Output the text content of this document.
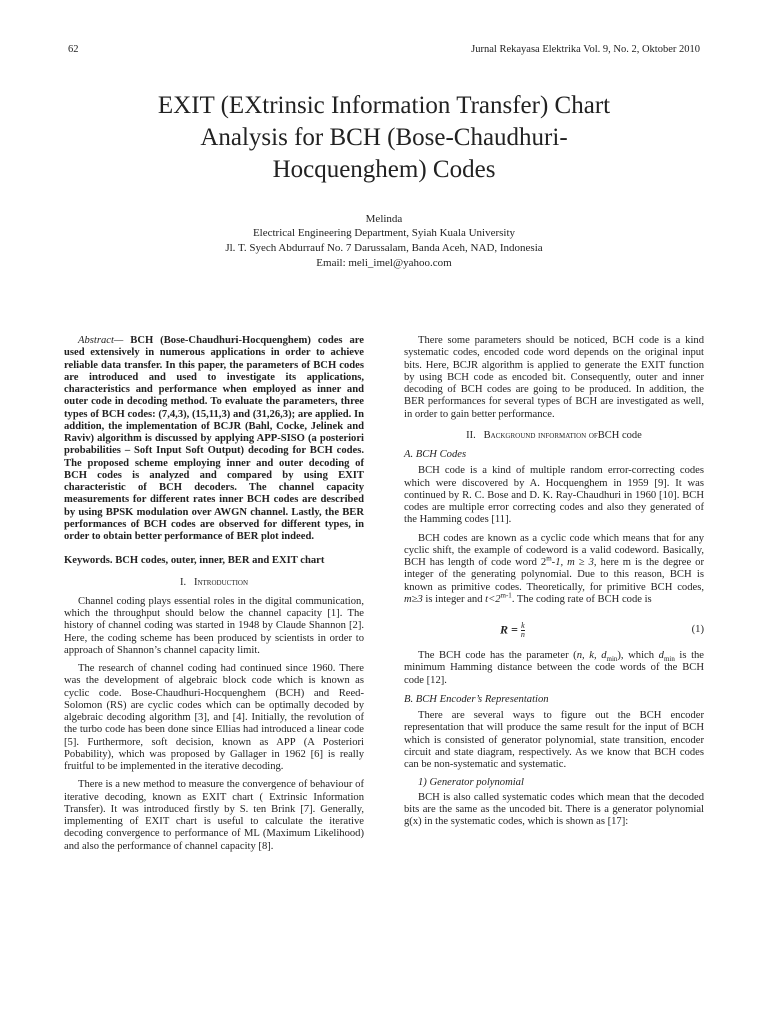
62	Jurnal Rekayasa Elektrika Vol. 9, No. 2, Oktober 2010
EXIT (EXtrinsic Information Transfer) Chart
Analysis for BCH (Bose-Chaudhuri-
Hocquenghem) Codes
Melinda
Electrical Engineering Department, Syiah Kuala University
Jl. T. Syech Abdurrauf No. 7 Darussalam, Banda Aceh, NAD, Indonesia
Email: meli_imel@yahoo.com

Abstract— BCH (Bose-Chaudhuri-Hocquenghem) codes are used extensively in numerous applications in order to achieve reliable data transfer. In this paper, the parameters of BCH codes are introduced and used to investigate its applications, characteristics and performance when employed as inner and outer code in decoding method. To evaluate the parameters, three types of BCH codes: (7,4,3), (15,11,3) and (31,26,3); are applied. In addition, the implementation of BCJR (Bahl, Cocke, Jelinek and Raviv) algorithm is discussed by applying APP-SISO (a posteriori probabilities – Soft Input Soft Output) decoding for BCH codes. The proposed scheme employing inner and outer decoding of BCH codes is analyzed and compared by using EXIT characteristic of BCH decoders. The channel capacity measurements for different rates inner BCH codes are described by using BPSK modulation over AWGN channel. Lastly, the BER performances of BCH codes are observed for different types, in order to obtain better performance of BER plot indeed.

Keywords. BCH codes, outer, inner, BER and EXIT chart

I. Introduction

Channel coding plays essential roles in the digital communication, which the throughput should below the channel capacity [1]. The history of channel coding was started in 1948 by Claude Shannon [2]. Here, the coding scheme has been produced by scientists in order to approach of Shannon’s channel capacity limit.

The research of channel coding had continued since 1960. There was the development of algebraic block code which is known as cyclic code. Bose-Chaudhuri-Hocquenghem (BCH) and Reed-Solomon (RS) are cyclic codes which can be optimally decoded by algebraic decoding algorithm [3], and [4]. Initially, the revolution of the turbo code has been done since Ellias had introduced a linear code [5]. Furthermore, soft decision, known as APP (A Posteriori Pobability), which was proposed by Gallager in 1962 [6] is really fruitful to be implemented in the iterative decoding.

There is a new method to measure the convergence of behaviour of iterative decoding, known as EXIT chart ( Extrinsic Information Transfer). It was introduced firstly by S. ten Brink [7]. Generally, implementing of EXIT chart is useful to calculate the iterative decoding convergence to performance of ML (Maximum Likelihood) and also the performance of channel capacity [8].

There some parameters should be noticed, BCH code is a kind systematic codes, encoded code word depends on the original input bits. Here, BCJR algorithm is applied to generate the EXIT function by using BCH code as encoded bit. Consequently, outer and inner decoding of BCH codes are going to be produced. In addition, the BER performances for several types of BCH are investigated as well, in order to gain better performance.

II. Background information ofBCH code
A. BCH Codes

BCH code is a kind of multiple random error-correcting codes which were discovered by A. Hocquenghem in 1959 [9]. It was continued by R. C. Bose and D. K. Ray-Chaudhuri in 1960 [10]. BCH codes are multiple error correcting codes and also they generated of the Hamming codes [11].

BCH codes are known as a cyclic code which means that for any cyclic shift, the example of codeword is a valid codeword. Basically, BCH has length of code word 2$^m$-1, m ≥ 3, here m is the degree or integer of the generating polynomial. Due to this reason, BCH is known as primitive codes. Theoretically, for primitive BCH codes, m≥3 is integer and $t<2^{m-1}$. The coding rate of BCH code is

$R = \frac{k}{n}$	(1)

The BCH code has the parameter (n, k, $d_{min}$), which $d_{min}$ is the minimum Hamming distance between the code words of the BCH code [12].

B. BCH Encoder’s Representation

There are several ways to figure out the BCH encoder representation that will produce the same result for the input of BCH which is consisted of generator polynomial, state transition, encoder circuit and state diagram, respectively. As we know that BCH codes can be non-systematic and systematic.

1) Generator polynomial

BCH is also called systematic codes which mean that the decoded bits are the same as the uncoded bit. There is a generator polynomial g(x) in the systematic codes, which is shown as [17]:
